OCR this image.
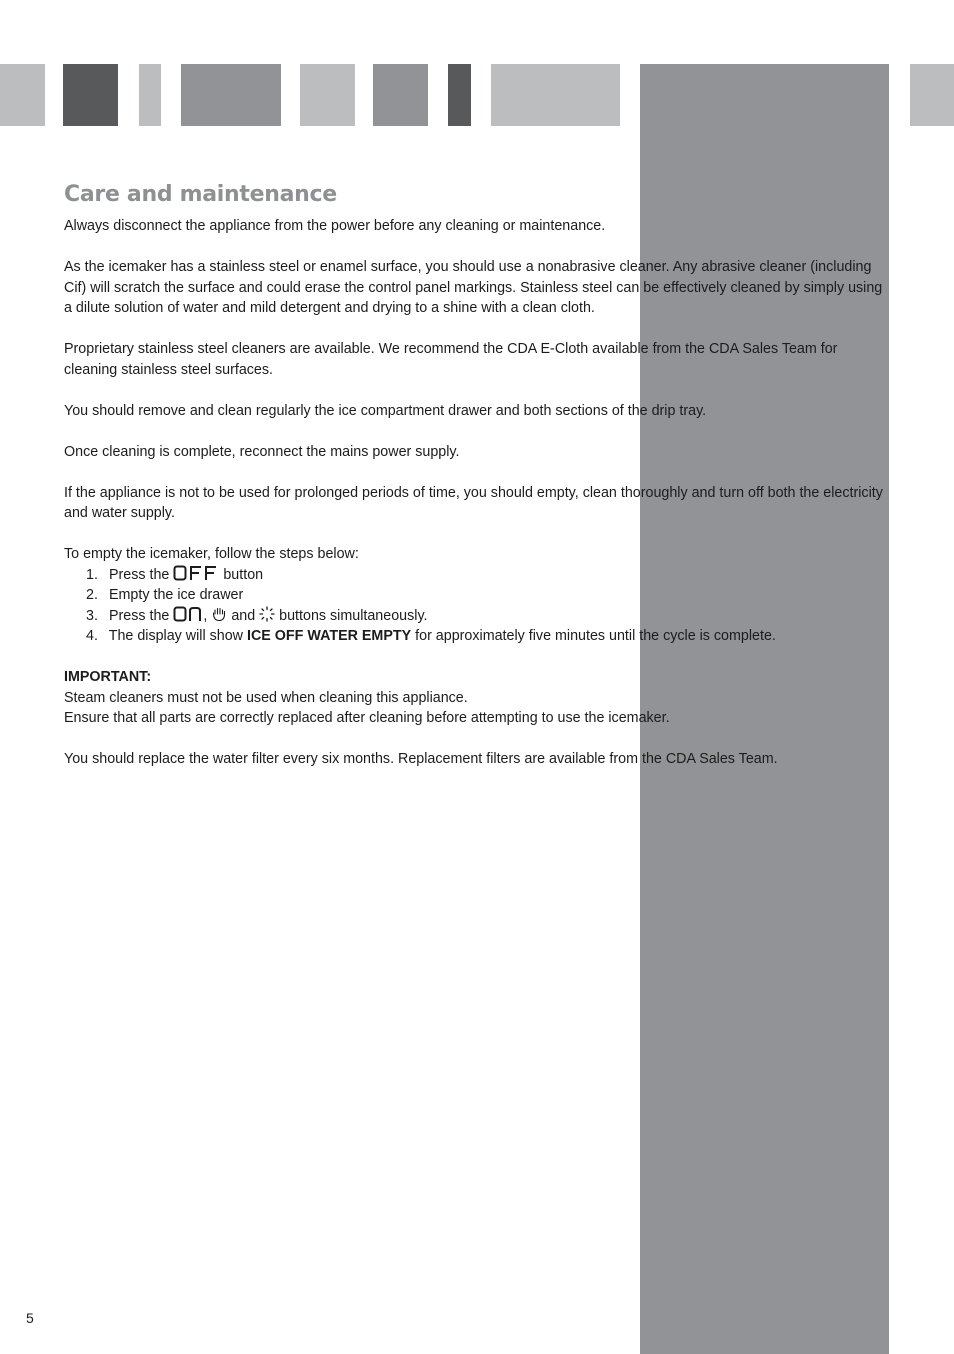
Care and maintenance

Always disconnect the appliance from the power before any cleaning or maintenance.

As the icemaker has a stainless steel or enamel surface, you should use a nonabrasive cleaner. Any abrasive cleaner (including Cif) will scratch the surface and could erase the control panel markings. Stainless steel can be effectively cleaned by simply using a dilute solution of water and mild detergent and drying to a shine with a clean cloth.

Proprietary stainless steel cleaners are available. We recommend the CDA E-Cloth available from the CDA Sales Team for cleaning stainless steel surfaces.

You should remove and clean regularly the ice compartment drawer and both sections of the drip tray.

Once cleaning is complete, reconnect the mains power supply.

If the appliance is not to be used for prolonged periods of time, you should empty, clean thoroughly and turn off both the electricity and water supply.

To empty the icemaker, follow the steps below:

1. Press the	button
2. Empty the ice drawer
3. Press the , and buttons simultaneously.
4. The display will show ICE OFF WATER EMPTY for approximately five minutes until the cycle is complete.

IMPORTANT:

Steam cleaners must not be used when cleaning this appliance.

Ensure that all parts are correctly replaced after cleaning before attempting to use the icemaker.

You should replace the water filter every six months. Replacement filters are available from the CDA Sales Team.

5
